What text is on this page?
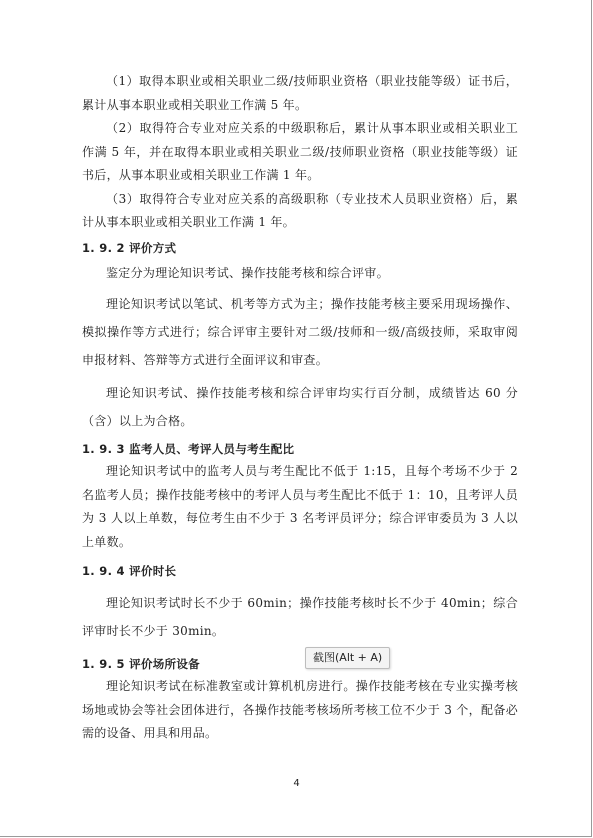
（1）取得本职业或相关职业二级/技师职业资格（职业技能等级）证书后，累计从事本职业或相关职业工作满 5 年。

（2）取得符合专业对应关系的中级职称后，累计从事本职业或相关职业工作满 5 年，并在取得本职业或相关职业二级/技师职业资格（职业技能等级）证书后，从事本职业或相关职业工作满 1 年。

（3）取得符合专业对应关系的高级职称（专业技术人员职业资格）后，累计从事本职业或相关职业工作满 1 年。

1. 9. 2 评价方式

鉴定分为理论知识考试、操作技能考核和综合评审。

理论知识考试以笔试、机考等方式为主；操作技能考核主要采用现场操作、模拟操作等方式进行；综合评审主要针对二级/技师和一级/高级技师，采取审阅申报材料、答辩等方式进行全面评议和审查。

理论知识考试、操作技能考核和综合评审均实行百分制，成绩皆达 60 分（含）以上为合格。

1. 9. 3 监考人员、考评人员与考生配比

理论知识考试中的监考人员与考生配比不低于 1:15，且每个考场不少于 2 名监考人员；操作技能考核中的考评人员与考生配比不低于 1：10，且考评人员为 3 人以上单数，每位考生由不少于 3 名考评员评分；综合评审委员为 3 人以上单数。

1. 9. 4 评价时长

理论知识考试时长不少于 60min；操作技能考核时长不少于 40min；综合评审时长不少于 30min。

1. 9. 5 评价场所设备

理论知识考试在标准教室或计算机机房进行。操作技能考核在专业实操考核场地或协会等社会团体进行，各操作技能考核场所考核工位不少于 3 个，配备必需的设备、用具和用品。

4
截图(Alt + A)
